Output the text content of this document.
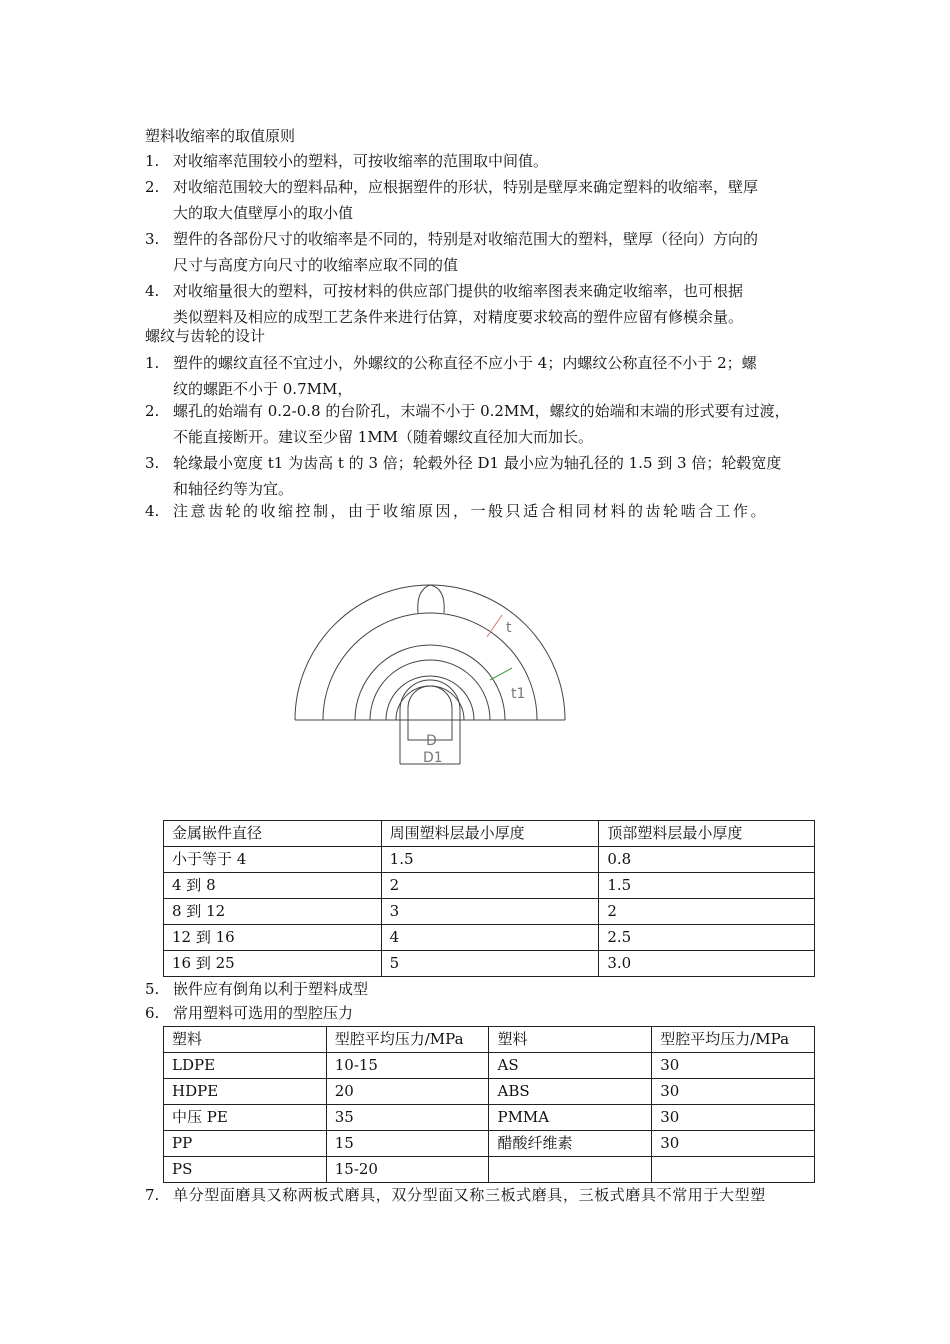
塑料收缩率的取值原则
1. 对收缩率范围较小的塑料，可按收缩率的范围取中间值。
2. 对收缩范围较大的塑料品种，应根据塑件的形状，特别是壁厚来确定塑料的收缩率，壁厚
大的取大值壁厚小的取小值
3. 塑件的各部份尺寸的收缩率是不同的，特别是对收缩范围大的塑料，壁厚（径向）方向的
尺寸与高度方向尺寸的收缩率应取不同的值
4. 对收缩量很大的塑料，可按材料的供应部门提供的收缩率图表来确定收缩率，也可根据
类似塑料及相应的成型工艺条件来进行估算，对精度要求较高的塑件应留有修模余量。
螺纹与齿轮的设计
1. 塑件的螺纹直径不宜过小，外螺纹的公称直径不应小于 4；内螺纹公称直径不小于 2；螺
纹的螺距不小于 0.7MM，
2. 螺孔的始端有 0.2-0.8 的台阶孔，末端不小于 0.2MM，螺纹的始端和末端的形式要有过渡，
不能直接断开。建议至少留 1MM（随着螺纹直径加大而加长。
3. 轮缘最小宽度 t1 为齿高 t 的 3 倍；轮毂外径 D1 最小应为轴孔径的 1.5 到 3 倍；轮毂宽度
和轴径约等为宜。
4. 注意齿轮的收缩控制，由于收缩原因，一般只适合相同材料的齿轮啮合工作。
t
t1
D
D1
金属嵌件直径	周围塑料层最小厚度	顶部塑料层最小厚度
小于等于 4	1.5	0.8
4 到 8	2	1.5
8 到 12	3	2
12 到 16	4	2.5
16 到 25	5	3.0
5. 嵌件应有倒角以利于塑料成型
6. 常用塑料可选用的型腔压力
塑料	型腔平均压力/MPa	塑料	型腔平均压力/MPa
LDPE	10-15	AS	30
HDPE	20	ABS	30
中压 PE	35	PMMA	30
PP	15	醋酸纤维素	30
PS	15-20		
7. 单分型面磨具又称两板式磨具，双分型面又称三板式磨具，三板式磨具不常用于大型塑
